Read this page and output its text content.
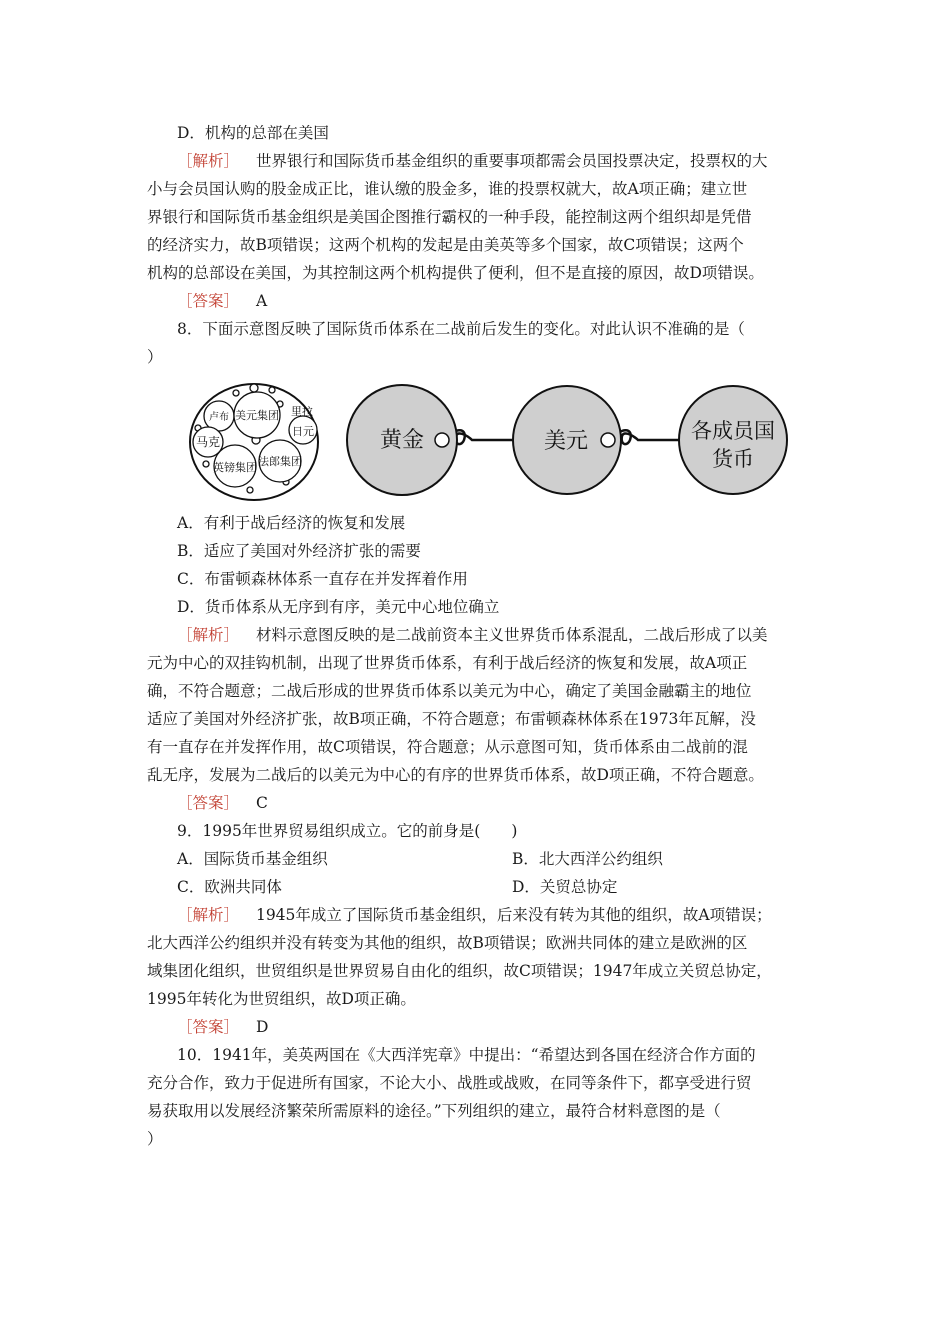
D．机构的总部在美国
［解析］ 世界银行和国际货币基金组织的重要事项都需会员国投票决定，投票权的大
小与会员国认购的股金成正比，谁认缴的股金多，谁的投票权就大，故A项正确；建立世
界银行和国际货币基金组织是美国企图推行霸权的一种手段，能控制这两个组织却是凭借
的经济实力，故B项错误；这两个机构的发起是由美英等多个国家，故C项错误；这两个
机构的总部设在美国，为其控制这两个机构提供了便利，但不是直接的原因，故D项错误。
［答案］ A
8．下面示意图反映了国际货币体系在二战前后发生的变化。对此认识不准确的是（
）
卢布 美元集团 里拉
日元
马克
法郎集团
英镑集团
黄金	美元	各成员国
货币
A．有利于战后经济的恢复和发展
B．适应了美国对外经济扩张的需要
C．布雷顿森林体系一直存在并发挥着作用
D．货币体系从无序到有序，美元中心地位确立
［解析］ 材料示意图反映的是二战前资本主义世界货币体系混乱，二战后形成了以美
元为中心的双挂钩机制，出现了世界货币体系，有利于战后经济的恢复和发展，故A项正
确，不符合题意；二战后形成的世界货币体系以美元为中心，确定了美国金融霸主的地位
适应了美国对外经济扩张，故B项正确，不符合题意；布雷顿森林体系在1973年瓦解，没
有一直存在并发挥作用，故C项错误，符合题意；从示意图可知，货币体系由二战前的混
乱无序，发展为二战后的以美元为中心的有序的世界货币体系，故D项正确，不符合题意。
［答案］ C
9．1995年世界贸易组织成立。它的前身是(　　)
A．国际货币基金组织	B．北大西洋公约组织
C．欧洲共同体	D．关贸总协定
［解析］ 1945年成立了国际货币基金组织，后来没有转为其他的组织，故A项错误；
北大西洋公约组织并没有转变为其他的组织，故B项错误；欧洲共同体的建立是欧洲的区
域集团化组织，世贸组织是世界贸易自由化的组织，故C项错误；1947年成立关贸总协定，
1995年转化为世贸组织，故D项正确。
［答案］ D
10．1941年，美英两国在《大西洋宪章》中提出：“希望达到各国在经济合作方面的
充分合作，致力于促进所有国家，不论大小、战胜或战败，在同等条件下，都享受进行贸
易获取用以发展经济繁荣所需原料的途径。”下列组织的建立，最符合材料意图的是（
）
